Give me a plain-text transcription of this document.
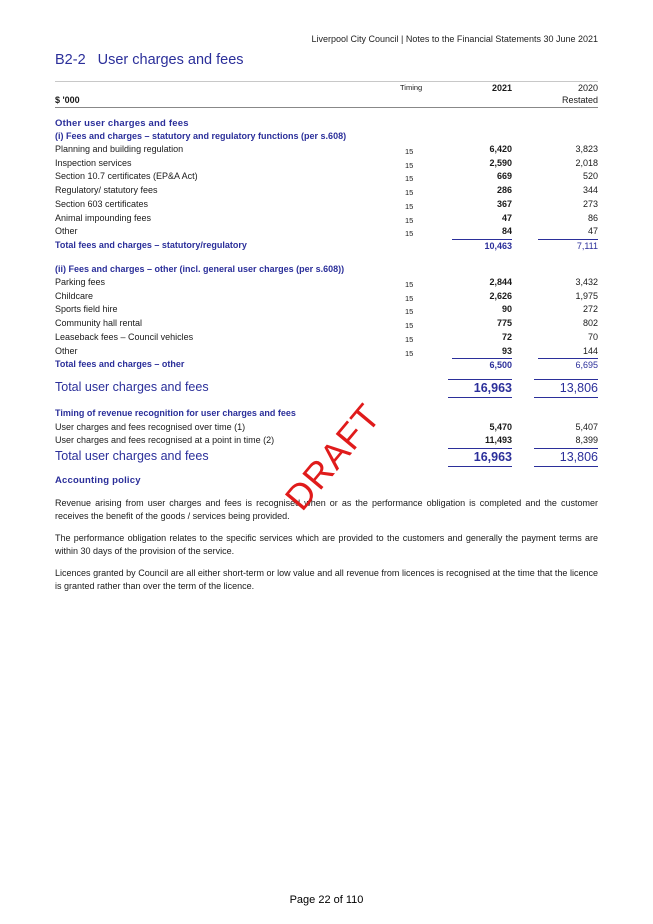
Liverpool City Council | Notes to the Financial Statements 30 June 2021
B2-2 User charges and fees
Timing	2021	2020
$ '000	Restated
Other user charges and fees
(i) Fees and charges – statutory and regulatory functions (per s.608)
Planning and building regulation	15	6,420	3,823
Inspection services	15	2,590	2,018
Section 10.7 certificates (EP&A Act)	15	669	520
Regulatory/ statutory fees	15	286	344
Section 603 certificates	15	367	273
Animal impounding fees	15	47	86
Other	15	84	47
Total fees and charges – statutory/regulatory	10,463	7,111
(ii) Fees and charges – other (incl. general user charges (per s.608))
Parking fees	15	2,844	3,432
Childcare	15	2,626	1,975
Sports field hire	15	90	272
Community hall rental	15	775	802
Leaseback fees – Council vehicles	15	72	70
Other	15	93	144
Total fees and charges – other	6,500	6,695
Total user charges and fees	16,963	13,806
Timing of revenue recognition for user charges and fees
User charges and fees recognised over time (1)	5,470	5,407
User charges and fees recognised at a point in time (2)	11,493	8,399
Total user charges and fees	16,963	13,806
Accounting policy
Revenue arising from user charges and fees is recognised when or as the performance obligation is completed and the customer receives the benefit of the goods / services being provided.
The performance obligation relates to the specific services which are provided to the customers and generally the payment terms are within 30 days of the provision of the service.
Licences granted by Council are all either short-term or low value and all revenue from licences is recognised at the time that the licence is granted rather than over the term of the licence.
DRAFT
Page 22 of 110
